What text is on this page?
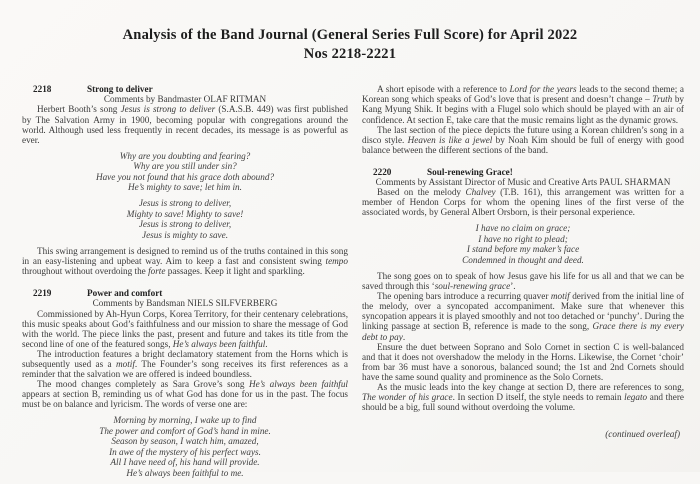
Analysis of the Band Journal (General Series Full Score) for April 2022
Nos 2218-2221
2218	Strong to deliver

Comments by Bandmaster OLAF RITMAN

Herbert Booth’s song Jesus is strong to deliver (S.A.S.B. 449) was first published by The Salvation Army in 1900, becoming popular with congregations around the world. Although used less frequently in recent decades, its message is as powerful as ever.

Why are you doubting and fearing?
Why are you still under sin?
Have you not found that his grace doth abound?
He’s mighty to save; let him in.
Jesus is strong to deliver,
Mighty to save! Mighty to save!
Jesus is strong to deliver,
Jesus is mighty to save.

This swing arrangement is designed to remind us of the truths contained in this song in an easy-listening and upbeat way. Aim to keep a fast and consistent swing tempo throughout without overdoing the forte passages. Keep it light and sparkling.

2219	Power and comfort

Comments by Bandsman NIELS SILFVERBERG

Commissioned by Ah-Hyun Corps, Korea Territory, for their centenary celebrations, this music speaks about God’s faithfulness and our mission to share the message of God with the world. The piece links the past, present and future and takes its title from the second line of one of the featured songs, He’s always been faithful.

The introduction features a bright declamatory statement from the Horns which is subsequently used as a motif. The Founder’s song receives its first references as a reminder that the salvation we are offered is indeed boundless.

The mood changes completely as Sara Grove’s song He’s always been faithful appears at section B, reminding us of what God has done for us in the past. The focus must be on balance and lyricism. The words of verse one are:

Morning by morning, I wake up to find
The power and comfort of God’s hand in mine.
Season by season, I watch him, amazed,
In awe of the mystery of his perfect ways.
All I have need of, his hand will provide.
He’s always been faithful to me.

A short episode with a reference to Lord for the years leads to the second theme; a Korean song which speaks of God’s love that is present and doesn’t change – Truth by Kang Myung Shik. It begins with a Flugel solo which should be played with an air of confidence. At section E, take care that the music remains light as the dynamic grows.

The last section of the piece depicts the future using a Korean children’s song in a disco style. Heaven is like a jewel by Noah Kim should be full of energy with good balance between the different sections of the band.

2220	Soul-renewing Grace!

Comments by Assistant Director of Music and Creative Arts PAUL SHARMAN

Based on the melody Chalvey (T.B. 161), this arrangement was written for a member of Hendon Corps for whom the opening lines of the first verse of the associated words, by General Albert Orsborn, is their personal experience.

I have no claim on grace;
I have no right to plead;
I stand before my maker’s face
Condemned in thought and deed.

The song goes on to speak of how Jesus gave his life for us all and that we can be saved through this ‘soul-renewing grace’.

The opening bars introduce a recurring quaver motif derived from the initial line of the melody, over a syncopated accompaniment. Make sure that whenever this syncopation appears it is played smoothly and not too detached or ‘punchy’. During the linking passage at section B, reference is made to the song, Grace there is my every debt to pay.

Ensure the duet between Soprano and Solo Cornet in section C is well-balanced and that it does not overshadow the melody in the Horns. Likewise, the Cornet ‘choir’ from bar 36 must have a sonorous, balanced sound; the 1st and 2nd Cornets should have the same sound quality and prominence as the Solo Cornets.

As the music leads into the key change at section D, there are references to song, The wonder of his grace. In section D itself, the style needs to remain legato and there should be a big, full sound without overdoing the volume.

(continued overleaf)
